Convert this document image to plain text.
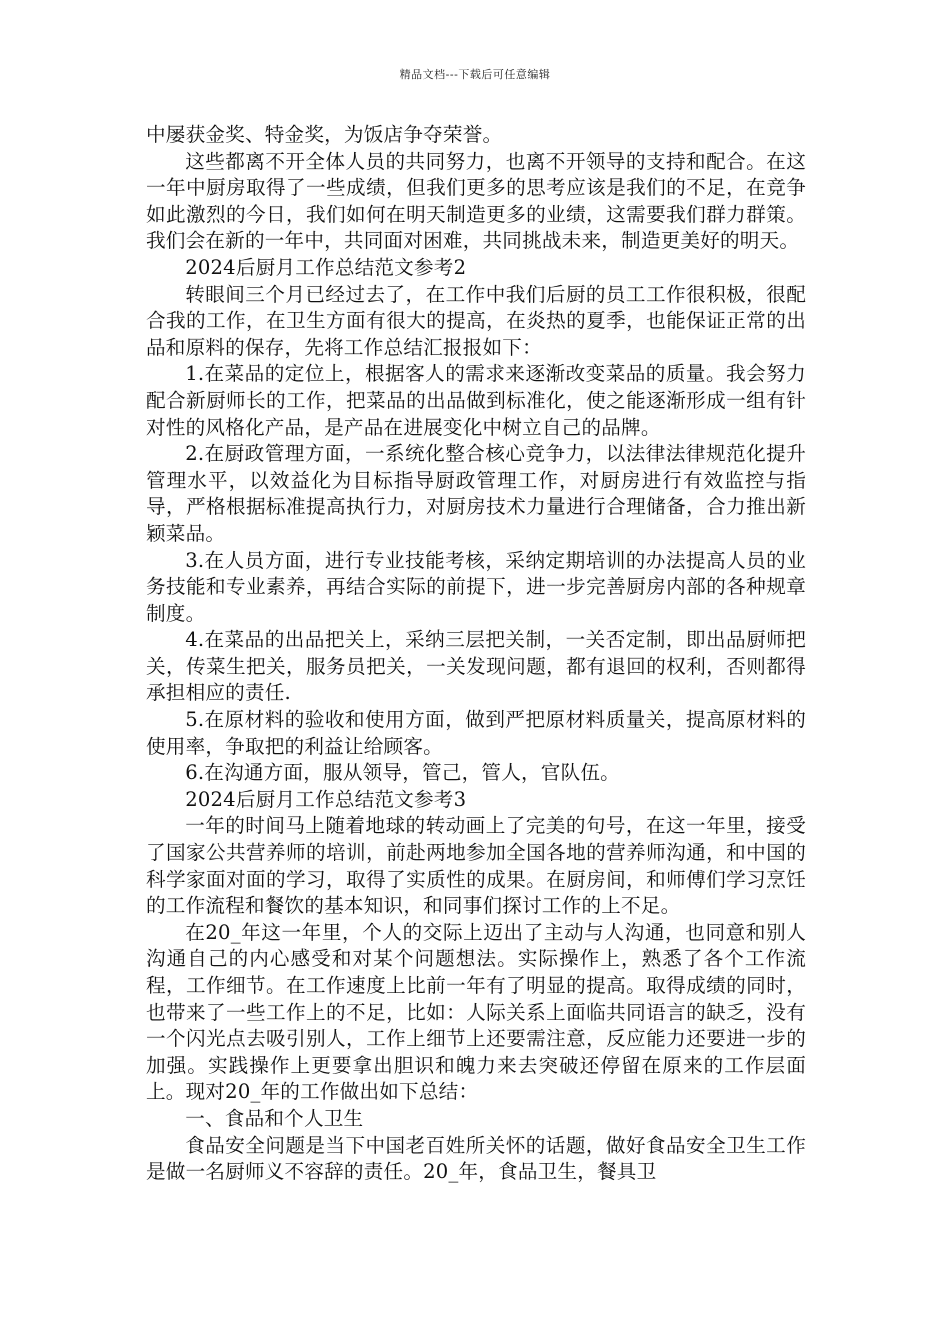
精品文档---下载后可任意编辑

中屡获金奖、特金奖，为饭店争夺荣誉。

这些都离不开全体人员的共同努力，也离不开领导的支持和配合。在这一年中厨房取得了一些成绩，但我们更多的思考应该是我们的不足，在竞争如此激烈的今日，我们如何在明天制造更多的业绩，这需要我们群力群策。我们会在新的一年中，共同面对困难，共同挑战未来，制造更美好的明天。

2024后厨月工作总结范文参考2

转眼间三个月已经过去了，在工作中我们后厨的员工工作很积极，很配合我的工作，在卫生方面有很大的提高，在炎热的夏季，也能保证正常的出品和原料的保存，先将工作总结汇报报如下：

1.在菜品的定位上，根据客人的需求来逐渐改变菜品的质量。我会努力配合新厨师长的工作，把菜品的出品做到标准化，使之能逐渐形成一组有针对性的风格化产品，是产品在进展变化中树立自己的品牌。

2.在厨政管理方面，一系统化整合核心竞争力，以法律法律规范化提升管理水平，以效益化为目标指导厨政管理工作，对厨房进行有效监控与指导，严格根据标准提高执行力，对厨房技术力量进行合理储备，合力推出新颖菜品。

3.在人员方面，进行专业技能考核，采纳定期培训的办法提高人员的业务技能和专业素养，再结合实际的前提下，进一步完善厨房内部的各种规章制度。

4.在菜品的出品把关上，采纳三层把关制，一关否定制，即出品厨师把关，传菜生把关，服务员把关，一关发现问题，都有退回的权利，否则都得承担相应的责任.

5.在原材料的验收和使用方面，做到严把原材料质量关，提高原材料的使用率，争取把的利益让给顾客。

6.在沟通方面，服从领导，管己，管人，官队伍。

2024后厨月工作总结范文参考3

一年的时间马上随着地球的转动画上了完美的句号，在这一年里，接受了国家公共营养师的培训，前赴两地参加全国各地的营养师沟通，和中国的科学家面对面的学习，取得了实质性的成果。在厨房间，和师傅们学习烹饪的工作流程和餐饮的基本知识，和同事们探讨工作的上不足。

在20_年这一年里，个人的交际上迈出了主动与人沟通，也同意和别人沟通自己的内心感受和对某个问题想法。实际操作上，熟悉了各个工作流程，工作细节。在工作速度上比前一年有了明显的提高。取得成绩的同时，也带来了一些工作上的不足，比如：人际关系上面临共同语言的缺乏，没有一个闪光点去吸引别人，工作上细节上还要需注意，反应能力还要进一步的加强。实践操作上更要拿出胆识和魄力来去突破还停留在原来的工作层面上。现对20_年的工作做出如下总结：

一、食品和个人卫生

食品安全问题是当下中国老百姓所关怀的话题，做好食品安全卫生工作是做一名厨师义不容辞的责任。20_年，食品卫生，餐具卫
